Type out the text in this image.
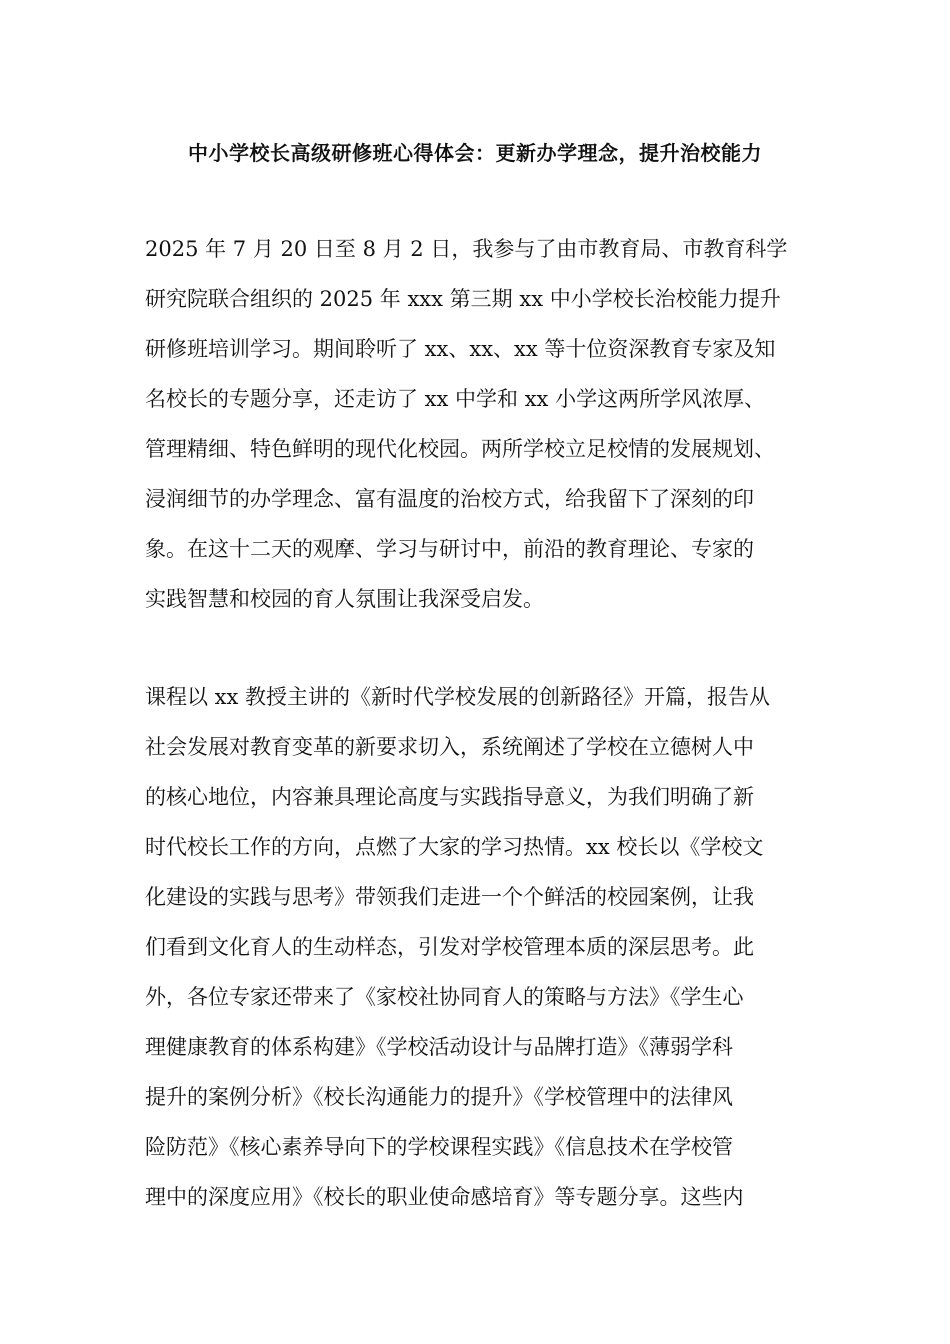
中小学校长高级研修班心得体会：更新办学理念，提升治校能力
2025 年 7 月 20 日至 8 月 2 日，我参与了由市教育局、市教育科学
研究院联合组织的 2025 年 xxx 第三期 xx 中小学校长治校能力提升
研修班培训学习。期间聆听了 xx、xx、xx 等十位资深教育专家及知
名校长的专题分享，还走访了 xx 中学和 xx 小学这两所学风浓厚、
管理精细、特色鲜明的现代化校园。两所学校立足校情的发展规划、
浸润细节的办学理念、富有温度的治校方式，给我留下了深刻的印
象。在这十二天的观摩、学习与研讨中，前沿的教育理论、专家的
实践智慧和校园的育人氛围让我深受启发。
课程以 xx 教授主讲的《新时代学校发展的创新路径》开篇，报告从
社会发展对教育变革的新要求切入，系统阐述了学校在立德树人中
的核心地位，内容兼具理论高度与实践指导意义，为我们明确了新
时代校长工作的方向，点燃了大家的学习热情。xx 校长以《学校文
化建设的实践与思考》带领我们走进一个个鲜活的校园案例，让我
们看到文化育人的生动样态，引发对学校管理本质的深层思考。此
外，各位专家还带来了《家校社协同育人的策略与方法》《学生心
理健康教育的体系构建》《学校活动设计与品牌打造》《薄弱学科
提升的案例分析》《校长沟通能力的提升》《学校管理中的法律风
险防范》《核心素养导向下的学校课程实践》《信息技术在学校管
理中的深度应用》《校长的职业使命感培育》等专题分享。这些内
